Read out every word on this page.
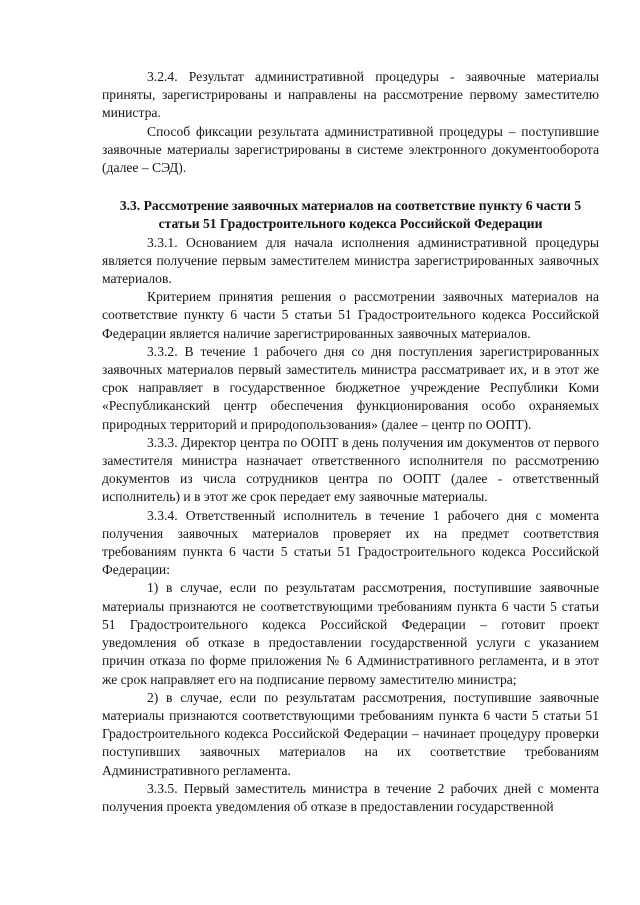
3.2.4. Результат административной процедуры - заявочные материалы приняты, зарегистрированы и направлены на рассмотрение первому заместителю министра.

Способ фиксации результата административной процедуры – поступившие заявочные материалы зарегистрированы в системе электронного документооборота (далее – СЭД).

3.3. Рассмотрение заявочных материалов на соответствие пункту 6 части 5 статьи 51 Градостроительного кодекса Российской Федерации

3.3.1. Основанием для начала исполнения административной процедуры является получение первым заместителем министра зарегистрированных заявочных материалов.

Критерием принятия решения о рассмотрении заявочных материалов на соответствие пункту 6 части 5 статьи 51 Градостроительного кодекса Российской Федерации является наличие зарегистрированных заявочных материалов.

3.3.2. В течение 1 рабочего дня со дня поступления зарегистрированных заявочных материалов первый заместитель министра рассматривает их, и в этот же срок направляет в государственное бюджетное учреждение Республики Коми «Республиканский центр обеспечения функционирования особо охраняемых природных территорий и природопользования» (далее – центр по ООПТ).

3.3.3. Директор центра по ООПТ в день получения им документов от первого заместителя министра назначает ответственного исполнителя по рассмотрению документов из числа сотрудников центра по ООПТ (далее - ответственный исполнитель) и в этот же срок передает ему заявочные материалы.

3.3.4. Ответственный исполнитель в течение 1 рабочего дня с момента получения заявочных материалов проверяет их на предмет соответствия требованиям пункта 6 части 5 статьи 51 Градостроительного кодекса Российской Федерации:

1) в случае, если по результатам рассмотрения, поступившие заявочные материалы признаются не соответствующими требованиям пункта 6 части 5 статьи 51 Градостроительного кодекса Российской Федерации – готовит проект уведомления об отказе в предоставлении государственной услуги с указанием причин отказа по форме приложения № 6 Административного регламента, и в этот же срок направляет его на подписание первому заместителю министра;

2) в случае, если по результатам рассмотрения, поступившие заявочные материалы признаются соответствующими требованиям пункта 6 части 5 статьи 51 Градостроительного кодекса Российской Федерации – начинает процедуру проверки поступивших заявочных материалов на их соответствие требованиям Административного регламента.

3.3.5. Первый заместитель министра в течение 2 рабочих дней с момента получения проекта уведомления об отказе в предоставлении государственной
